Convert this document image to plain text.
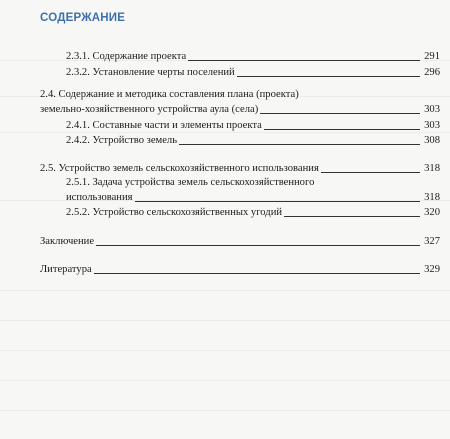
СОДЕРЖАНИЕ
2.3.1. Содержание проекта	291
2.3.2. Установление черты поселений	296
2.4. Содержание и методика составления плана (проекта)
земельно-хозяйственного устройства аула (села)	303
2.4.1. Составные части и элементы проекта	303
2.4.2. Устройство земель	308
2.5. Устройство земель сельскохозяйственного использования	318
2.5.1. Задача устройства земель сельскохозяйственного
использования	318
2.5.2. Устройство сельскохозяйственных угодий	320
Заключение	327
Литература	329
